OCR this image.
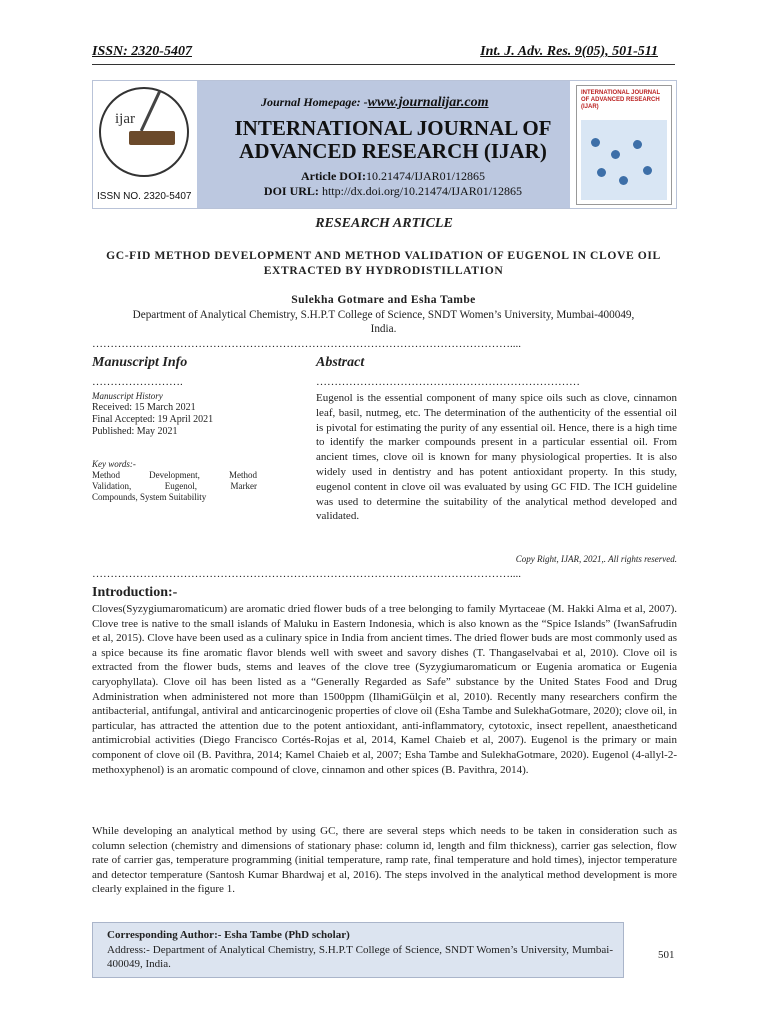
ISSN: 2320-5407	Int. J. Adv. Res. 9(05), 501-511
ijar
ISSN NO. 2320-5407
Journal Homepage: -www.journalijar.com
INTERNATIONAL JOURNAL OF
ADVANCED RESEARCH (IJAR)
Article DOI:10.21474/IJAR01/12865
DOI URL: http://dx.doi.org/10.21474/IJAR01/12865
INTERNATIONAL JOURNAL OF ADVANCED RESEARCH (IJAR)
RESEARCH ARTICLE
GC-FID METHOD DEVELOPMENT AND METHOD VALIDATION OF EUGENOL IN CLOVE OIL
EXTRACTED BY HYDRODISTILLATION
Sulekha Gotmare and Esha Tambe
Department of Analytical Chemistry, S.H.P.T College of Science, SNDT Women’s University, Mumbai-400049,
India.
……………………………………………………………………………………………………....
Manuscript Info
…………………….
Manuscript History
Received: 15 March 2021
Final Accepted: 19 April 2021
Published: May 2021
Key words:-
Method	Development,	Method
Validation,	Eugenol,	Marker
Compounds, System Suitability
Abstract
………………………………………………………………
Eugenol is the essential component of many spice oils such as clove, cinnamon leaf, basil, nutmeg, etc. The determination of the authenticity of the essential oil is pivotal for estimating the purity of any essential oil. Hence, there is a high time to identify the marker compounds present in a particular essential oil. From ancient times, clove oil is known for many physiological properties. It is also widely used in dentistry and has potent antioxidant property. In this study, eugenol content in clove oil was evaluated by using GC FID. The ICH guideline was used to determine the suitability of the analytical method developed and validated.
Copy Right, IJAR, 2021,. All rights reserved.
……………………………………………………………………………………………………....
Introduction:-
Cloves(Syzygiumaromaticum) are aromatic dried flower buds of a tree belonging to family Myrtaceae (M. Hakki Alma et al, 2007). Clove tree is native to the small islands of Maluku in Eastern Indonesia, which is also known as the “Spice Islands” (IwanSafrudin et al, 2015). Clove have been used as a culinary spice in India from ancient times. The dried flower buds are most commonly used as a spice because its fine aromatic flavor blends well with sweet and savory dishes (T. Thangaselvabai et al, 2010). Clove oil is extracted from the flower buds, stems and leaves of the clove tree (Syzygiumaromaticum or Eugenia aromatica or Eugenia caryophyllata). Clove oil has been listed as a “Generally Regarded as Safe” substance by the United States Food and Drug Administration when administered not more than 1500ppm (IlhamiGülçin et al, 2010). Recently many researchers confirm the antibacterial, antifungal, antiviral and anticarcinogenic properties of clove oil (Esha Tambe and SulekhaGotmare, 2020); clove oil, in particular, has attracted the attention due to the potent antioxidant, anti-inflammatory, cytotoxic, insect repellent, anaestheticand antimicrobial activities (Diego Francisco Cortés-Rojas et al, 2014, Kamel Chaieb et al, 2007). Eugenol is the primary or main component of clove oil (B. Pavithra, 2014; Kamel Chaieb et al, 2007; Esha Tambe and SulekhaGotmare, 2020). Eugenol (4-allyl-2-methoxyphenol) is an aromatic compound of clove, cinnamon and other spices (B. Pavithra, 2014).
While developing an analytical method by using GC, there are several steps which needs to be taken in consideration such as column selection (chemistry and dimensions of stationary phase: column id, length and film thickness), carrier gas selection, flow rate of carrier gas, temperature programming (initial temperature, ramp rate, final temperature and hold times), injector temperature and detector temperature (Santosh Kumar Bhardwaj et al, 2016). The steps involved in the analytical method development is more clearly explained in the figure 1.
Corresponding Author:- Esha Tambe (PhD scholar)
Address:- Department of Analytical Chemistry, S.H.P.T College of Science, SNDT Women’s University, Mumbai-400049, India.
501
